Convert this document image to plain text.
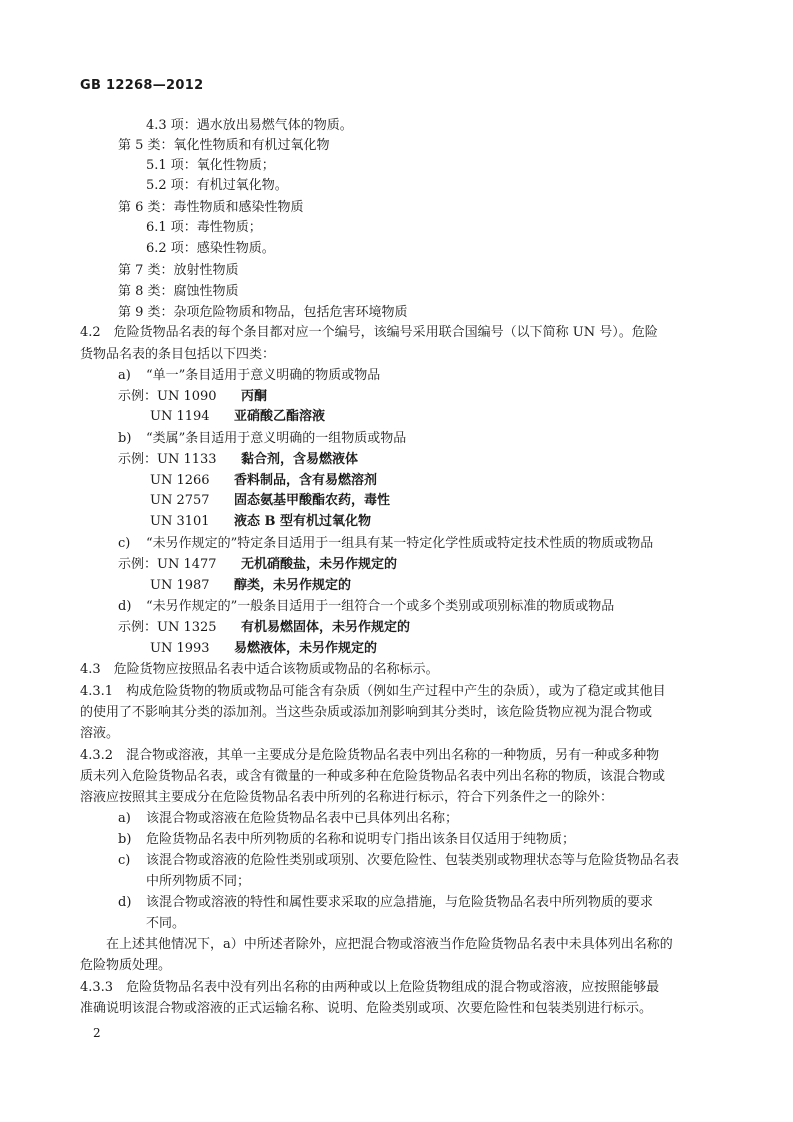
GB 12268—2012
4.3 项：遇水放出易燃气体的物质。
第 5 类：氧化性物质和有机过氧化物
5.1 项：氧化性物质；
5.2 项：有机过氧化物。
第 6 类：毒性物质和感染性物质
6.1 项：毒性物质；
6.2 项：感染性物质。
第 7 类：放射性物质
第 8 类：腐蚀性物质
第 9 类：杂项危险物质和物品，包括危害环境物质
4.2　危险货物品名表的每个条目都对应一个编号，该编号采用联合国编号（以下简称 UN 号）。危险
货物品名表的条目包括以下四类：
a) “单一”条目适用于意义明确的物质或物品
示例：UN 1090 丙酮
UN 1194 亚硝酸乙酯溶液
b) “类属”条目适用于意义明确的一组物质或物品
示例：UN 1133 黏合剂，含易燃液体
UN 1266 香料制品，含有易燃溶剂
UN 2757 固态氨基甲酸酯农药，毒性
UN 3101 液态 B 型有机过氧化物
c) “未另作规定的”特定条目适用于一组具有某一特定化学性质或特定技术性质的物质或物品
示例：UN 1477 无机硝酸盐，未另作规定的
UN 1987 醇类，未另作规定的
d) “未另作规定的”一般条目适用于一组符合一个或多个类别或项别标准的物质或物品
示例：UN 1325 有机易燃固体，未另作规定的
UN 1993 易燃液体，未另作规定的
4.3　危险货物应按照品名表中适合该物质或物品的名称标示。
4.3.1　构成危险货物的物质或物品可能含有杂质（例如生产过程中产生的杂质），或为了稳定或其他目
的使用了不影响其分类的添加剂。当这些杂质或添加剂影响到其分类时，该危险货物应视为混合物或
溶液。
4.3.2　混合物或溶液，其单一主要成分是危险货物品名表中列出名称的一种物质，另有一种或多种物
质未列入危险货物品名表，或含有微量的一种或多种在危险货物品名表中列出名称的物质，该混合物或
溶液应按照其主要成分在危险货物品名表中所列的名称进行标示，符合下列条件之一的除外：
a) 该混合物或溶液在危险货物品名表中已具体列出名称；
b) 危险货物品名表中所列物质的名称和说明专门指出该条目仅适用于纯物质；
c) 该混合物或溶液的危险性类别或项别、次要危险性、包装类别或物理状态等与危险货物品名表
中所列物质不同；
d) 该混合物或溶液的特性和属性要求采取的应急措施，与危险货物品名表中所列物质的要求
不同。
在上述其他情况下，a）中所述者除外，应把混合物或溶液当作危险货物品名表中未具体列出名称的
危险物质处理。
4.3.3　危险货物品名表中没有列出名称的由两种或以上危险货物组成的混合物或溶液，应按照能够最
准确说明该混合物或溶液的正式运输名称、说明、危险类别或项、次要危险性和包装类别进行标示。
2
